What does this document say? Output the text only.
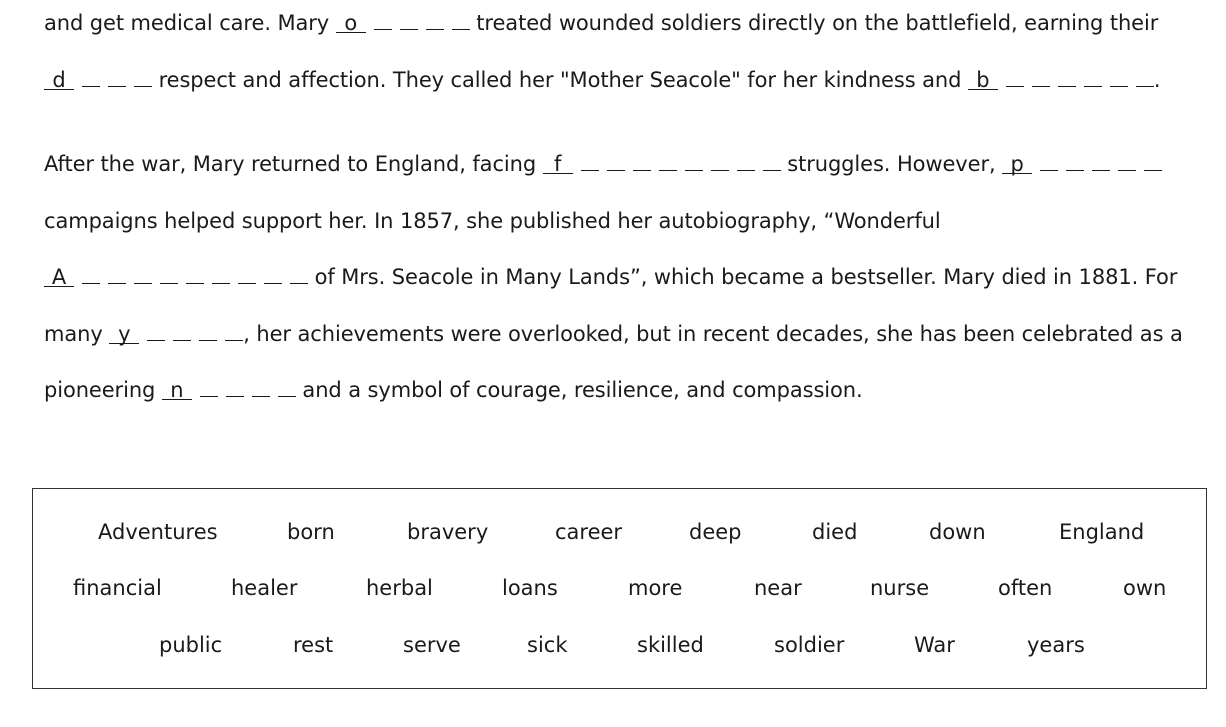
and get medical care. Mary o	treated wounded soldiers directly on the battlefield, earning their
d	respect and affection. They called her "Mother Seacole" for her kindness and b	.
After the war, Mary returned to England, facing f	struggles. However, p
campaigns helped support her. In 1857, she published her autobiography, “Wonderful
A	of Mrs. Seacole in Many Lands”, which became a bestseller. Mary died in 1881. For
many y	, her achievements were overlooked, but in recent decades, she has been celebrated as a
pioneering n	and a symbol of courage, resilience, and compassion.
Adventures	born	bravery	career	deep	died	down	England
financial	healer	herbal	loans	more	near	nurse	often	own
public	rest	serve	sick	skilled	soldier	War	years
